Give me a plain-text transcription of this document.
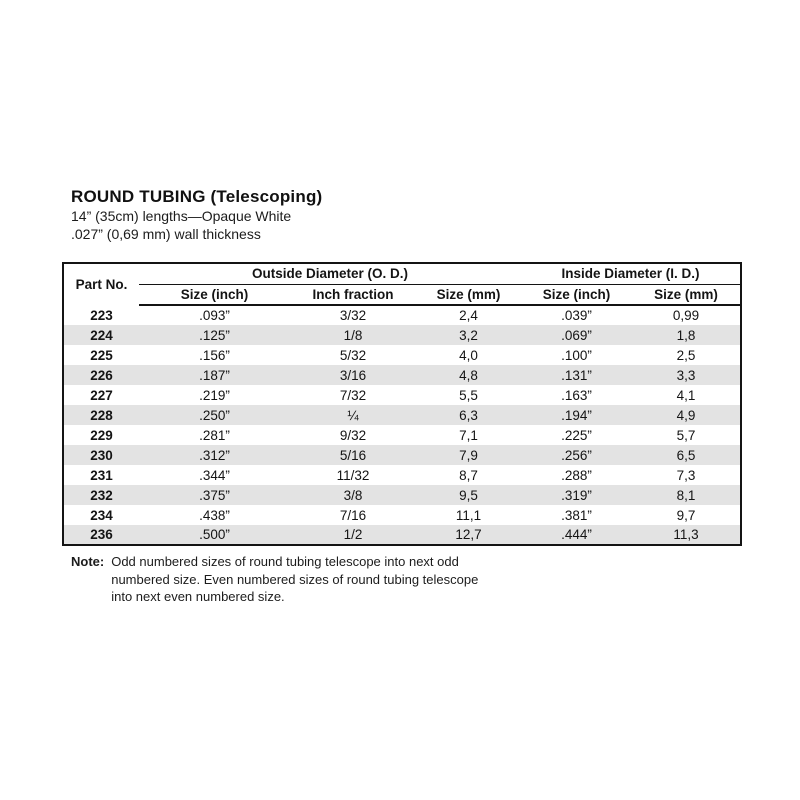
ROUND TUBING (Telescoping)
14” (35cm) lengths—Opaque White
.027” (0,69 mm) wall thickness
Part No.	Outside Diameter (O. D.)			Inside Diameter (I. D.)	
	Size (inch)	Inch fraction	Size (mm)	Size (inch)	Size (mm)
223	.093”	3/32	2,4	.039”	0,99
224	.125”	1/8	3,2	.069”	1,8
225	.156”	5/32	4,0	.100”	2,5
226	.187”	3/16	4,8	.131”	3,3
227	.219”	7/32	5,5	.163”	4,1
228	.250”	¼	6,3	.194”	4,9
229	.281”	9/32	7,1	.225”	5,7
230	.312”	5/16	7,9	.256”	6,5
231	.344”	11/32	8,7	.288”	7,3
232	.375”	3/8	9,5	.319”	8,1
234	.438”	7/16	11,1	.381”	9,7
236	.500”	1/2	12,7	.444”	11,3
Note: Odd numbered sizes of round tubing telescope into next odd numbered size. Even numbered sizes of round tubing telescope into next even numbered size.
